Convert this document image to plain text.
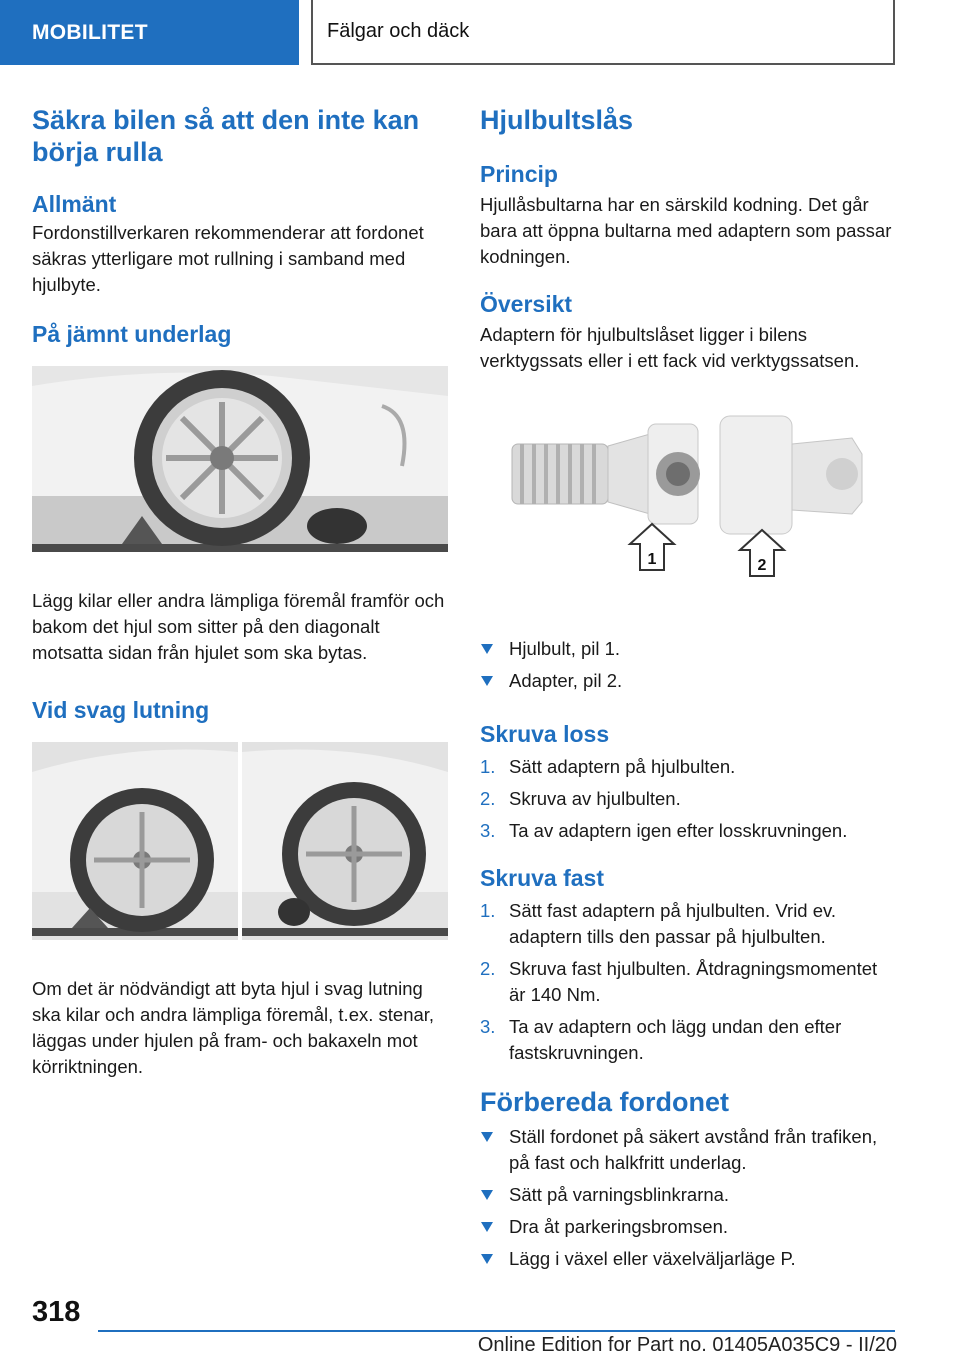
MOBILITET	Fälgar och däck
Säkra bilen så att den inte kan börja rulla
Allmänt

Fordonstillverkaren rekommenderar att fordonet säkras ytterligare mot rullning i samband med hjulbyte.

På jämnt underlag

Lägg kilar eller andra lämpliga föremål framför och bakom det hjul som sitter på den diagonalt motsatta sidan från hjulet som ska bytas.

Vid svag lutning

Om det är nödvändigt att byta hjul i svag lutning ska kilar och andra lämpliga föremål, t.ex. stenar, läggas under hjulen på fram- och bakaxeln mot körriktningen.

Hjulbultslås
Princip

Hjullåsbultarna har en särskild kodning. Det går bara att öppna bultarna med adaptern som passar kodningen.

Översikt

Adaptern för hjulbultslåset ligger i bilens verktygssats eller i ett fack vid verktygssatsen.

1	2
Hjulbult, pil 1.
Adapter, pil 2.
Skruva loss
1. Sätt adaptern på hjulbulten.
2. Skruva av hjulbulten.
3. Ta av adaptern igen efter losskruvningen.
Skruva fast
1. Sätt fast adaptern på hjulbulten. Vrid ev. adaptern tills den passar på hjulbulten.
2. Skruva fast hjulbulten. Åtdragningsmomentet är 140 Nm.
3. Ta av adaptern och lägg undan den efter fastskruvningen.
Förbereda fordonet
Ställ fordonet på säkert avstånd från trafiken, på fast och halkfritt underlag.
Sätt på varningsblinkrarna.
Dra åt parkeringsbromsen.
Lägg i växel eller växelväljarläge P.
318
Online Edition for Part no. 01405A035C9 - II/20
